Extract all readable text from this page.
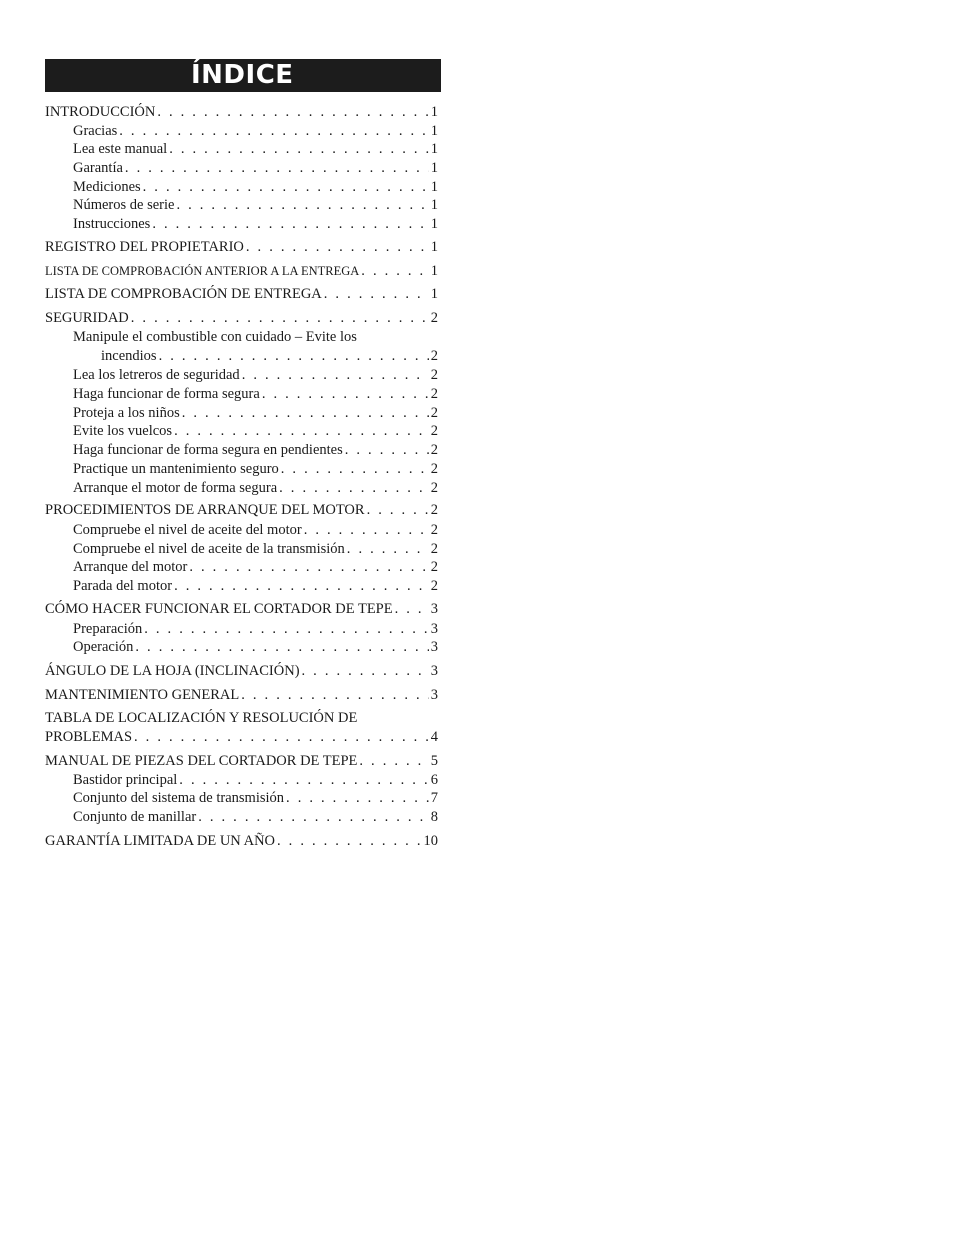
ÍNDICE
INTRODUCCIÓN . . .	1
Gracias . . .	1
Lea este manual . . .	1
Garantía . . .	1
Mediciones . . .	1
Números de serie . . .	1
Instrucciones . . .	1
REGISTRO DEL PROPIETARIO . . .	1
LISTA DE COMPROBACIÓN ANTERIOR A LA ENTREGA . . .	1
LISTA DE COMPROBACIÓN DE ENTREGA . . .	1
SEGURIDAD . . .	2
Manipule el combustible con cuidado – Evite los
incendios . . .	2
Lea los letreros de seguridad . . .	2
Haga funcionar de forma segura . . .	2
Proteja a los niños . . .	2
Evite los vuelcos . . .	2
Haga funcionar de forma segura en pendientes . . .	2
Practique un mantenimiento seguro . . .	2
Arranque el motor de forma segura . . .	2
PROCEDIMIENTOS DE ARRANQUE DEL MOTOR . . .	2
Compruebe el nivel de aceite del motor . . .	2
Compruebe el nivel de aceite de la transmisión . . .	2
Arranque del motor . . .	2
Parada del motor . . .	2
CÓMO HACER FUNCIONAR EL CORTADOR DE TEPE . . .	3
Preparación . . .	3
Operación . . .	3
ÁNGULO DE LA HOJA (INCLINACIÓN) . . .	3
MANTENIMIENTO GENERAL . . .	3
TABLA DE LOCALIZACIÓN Y RESOLUCIÓN DE
PROBLEMAS . . .	4
MANUAL DE PIEZAS DEL CORTADOR DE TEPE . . .	5
Bastidor principal . . .	6
Conjunto del sistema de transmisión . . .	7
Conjunto de manillar . . .	8
GARANTÍA LIMITADA DE UN AÑO . . .	10
